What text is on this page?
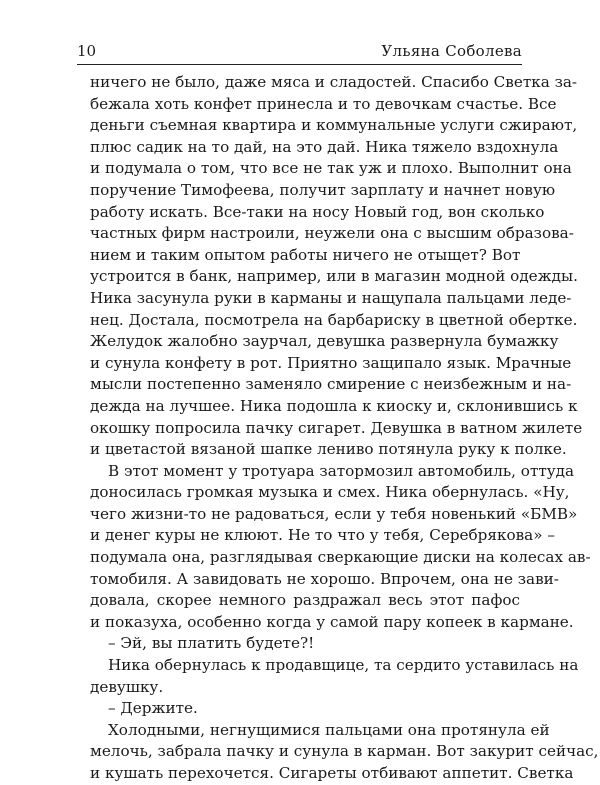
10	Ульяна Соболева
ничего не было, даже мяса и сладостей. Спасибо Светка за-
бежала хоть конфет принесла и то девочкам счастье. Все
деньги съемная квартира и коммунальные услуги сжирают,
плюс садик на то дай, на это дай. Ника тяжело вздохнула
и подумала о том, что все не так уж и плохо. Выполнит она
поручение Тимофеева, получит зарплату и начнет новую
работу искать. Все-таки на носу Новый год, вон сколько
частных фирм настроили, неужели она с высшим образова-
нием и таким опытом работы ничего не отыщет? Вот
устроится в банк, например, или в магазин модной одежды.
Ника засунула руки в карманы и нащупала пальцами леде-
нец. Достала, посмотрела на барбариску в цветной обертке.
Желудок жалобно заурчал, девушка развернула бумажку
и сунула конфету в рот. Приятно защипало язык. Мрачные
мысли постепенно заменяло смирение с неизбежным и на-
дежда на лучшее. Ника подошла к киоску и, склонившись к
окошку попросила пачку сигарет. Девушка в ватном жилете
и цветастой вязаной шапке лениво потянула руку к полке.
В этот момент у тротуара затормозил автомобиль, оттуда
доносилась громкая музыка и смех. Ника обернулась. «Ну,
чего жизни-то не радоваться, если у тебя новенький «БМВ»
и денег куры не клюют. Не то что у тебя, Серебрякова» –
подумала она, разглядывая сверкающие диски на колесах ав-
томобиля. А завидовать не хорошо. Впрочем, она не зави-
довала, скорее немного раздражал весь этот пафос
и показуха, особенно когда у самой пару копеек в кармане.
– Эй, вы платить будете?!
Ника обернулась к продавщице, та сердито уставилась на
девушку.
– Держите.
Холодными, негнущимися пальцами она протянула ей
мелочь, забрала пачку и сунула в карман. Вот закурит сейчас,
и кушать перехочется. Сигареты отбивают аппетит. Светка
